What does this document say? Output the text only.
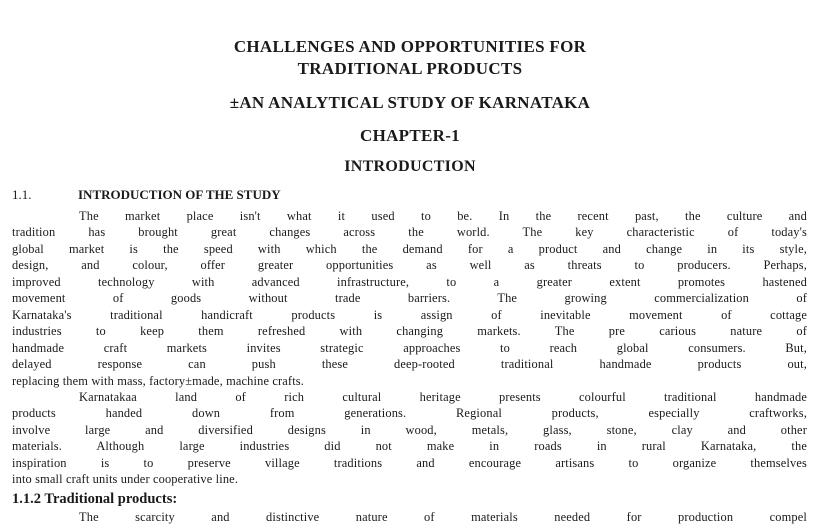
CHALLENGES AND OPPORTUNITIES FOR

TRADITIONAL PRODUCTS

±AN ANALYTICAL STUDY OF KARNATAKA

CHAPTER-1

INTRODUCTION

1.1.	INTRODUCTION OF THE STUDY
The market place isn't what it used to be. In the recent past, the culture and
tradition has brought great changes across the world. The key characteristic of today's
global market is the speed with which the demand for a product and change in its style,
design, and colour, offer greater opportunities as well as threats to producers. Perhaps,
improved technology with advanced infrastructure, to a greater extent promotes hastened
movement of goods without trade barriers. The growing commercialization of
Karnataka's traditional handicraft products is assign of inevitable movement of cottage
industries to keep them refreshed with changing markets. The pre carious nature of
handmade craft markets invites strategic approaches to reach global consumers. But,
delayed response can push these deep-rooted traditional handmade products out,
replacing them with mass, factory±made, machine crafts.
Karnatakaa land of rich cultural heritage presents colourful traditional handmade
products handed down from generations. Regional products, especially craftworks,
involve large and diversified designs in wood, metals, glass, stone, clay and other
materials. Although large industries did not make in roads in rural Karnataka, the
inspiration is to preserve village traditions and encourage artisans to organize themselves
into small craft units under cooperative line.
1.1.2 Traditional products:
The scarcity and distinctive nature of materials needed for production compel
